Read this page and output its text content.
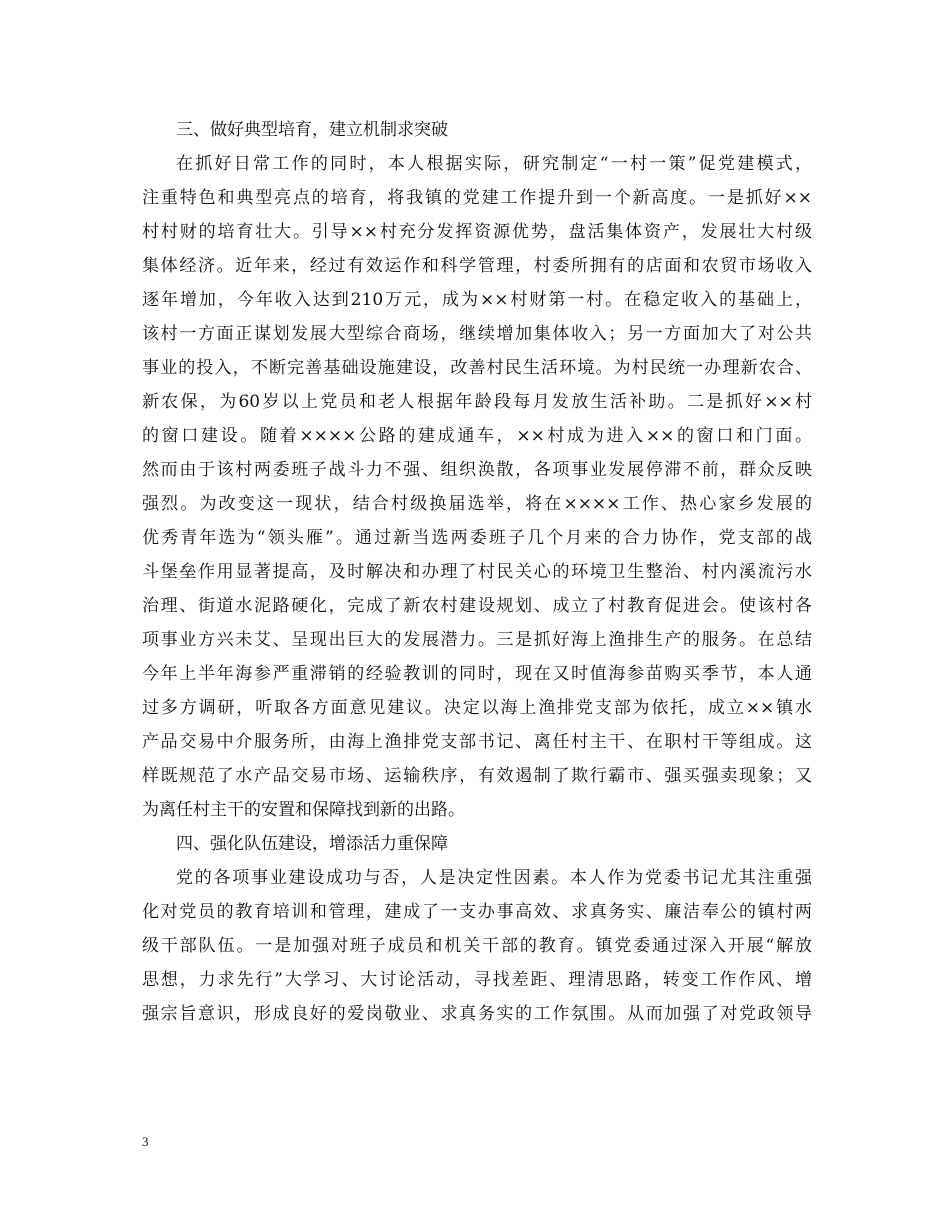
三、做好典型培育，建立机制求突破
在抓好日常工作的同时，本人根据实际，研究制定“一村一策”促党建模式，
注重特色和典型亮点的培育，将我镇的党建工作提升到一个新高度。一是抓好××
村村财的培育壮大。引导××村充分发挥资源优势，盘活集体资产，发展壮大村级
集体经济。近年来，经过有效运作和科学管理，村委所拥有的店面和农贸市场收入
逐年增加，今年收入达到210万元，成为××村财第一村。在稳定收入的基础上，
该村一方面正谋划发展大型综合商场，继续增加集体收入；另一方面加大了对公共
事业的投入，不断完善基础设施建设，改善村民生活环境。为村民统一办理新农合、
新农保，为60岁以上党员和老人根据年龄段每月发放生活补助。二是抓好××村
的窗口建设。随着××××公路的建成通车，××村成为进入××的窗口和门面。
然而由于该村两委班子战斗力不强、组织涣散，各项事业发展停滞不前，群众反映
强烈。为改变这一现状，结合村级换届选举，将在××××工作、热心家乡发展的
优秀青年选为“领头雁”。通过新当选两委班子几个月来的合力协作，党支部的战
斗堡垒作用显著提高，及时解决和办理了村民关心的环境卫生整治、村内溪流污水
治理、街道水泥路硬化，完成了新农村建设规划、成立了村教育促进会。使该村各
项事业方兴未艾、呈现出巨大的发展潜力。三是抓好海上渔排生产的服务。在总结
今年上半年海参严重滞销的经验教训的同时，现在又时值海参苗购买季节，本人通
过多方调研，听取各方面意见建议。决定以海上渔排党支部为依托，成立××镇水
产品交易中介服务所，由海上渔排党支部书记、离任村主干、在职村干等组成。这
样既规范了水产品交易市场、运输秩序，有效遏制了欺行霸市、强买强卖现象；又
为离任村主干的安置和保障找到新的出路。
四、强化队伍建设，增添活力重保障
党的各项事业建设成功与否，人是决定性因素。本人作为党委书记尤其注重强
化对党员的教育培训和管理，建成了一支办事高效、求真务实、廉洁奉公的镇村两
级干部队伍。一是加强对班子成员和机关干部的教育。镇党委通过深入开展“解放
思想，力求先行”大学习、大讨论活动，寻找差距、理清思路，转变工作作风、增
强宗旨意识，形成良好的爱岗敬业、求真务实的工作氛围。从而加强了对党政领导
3
